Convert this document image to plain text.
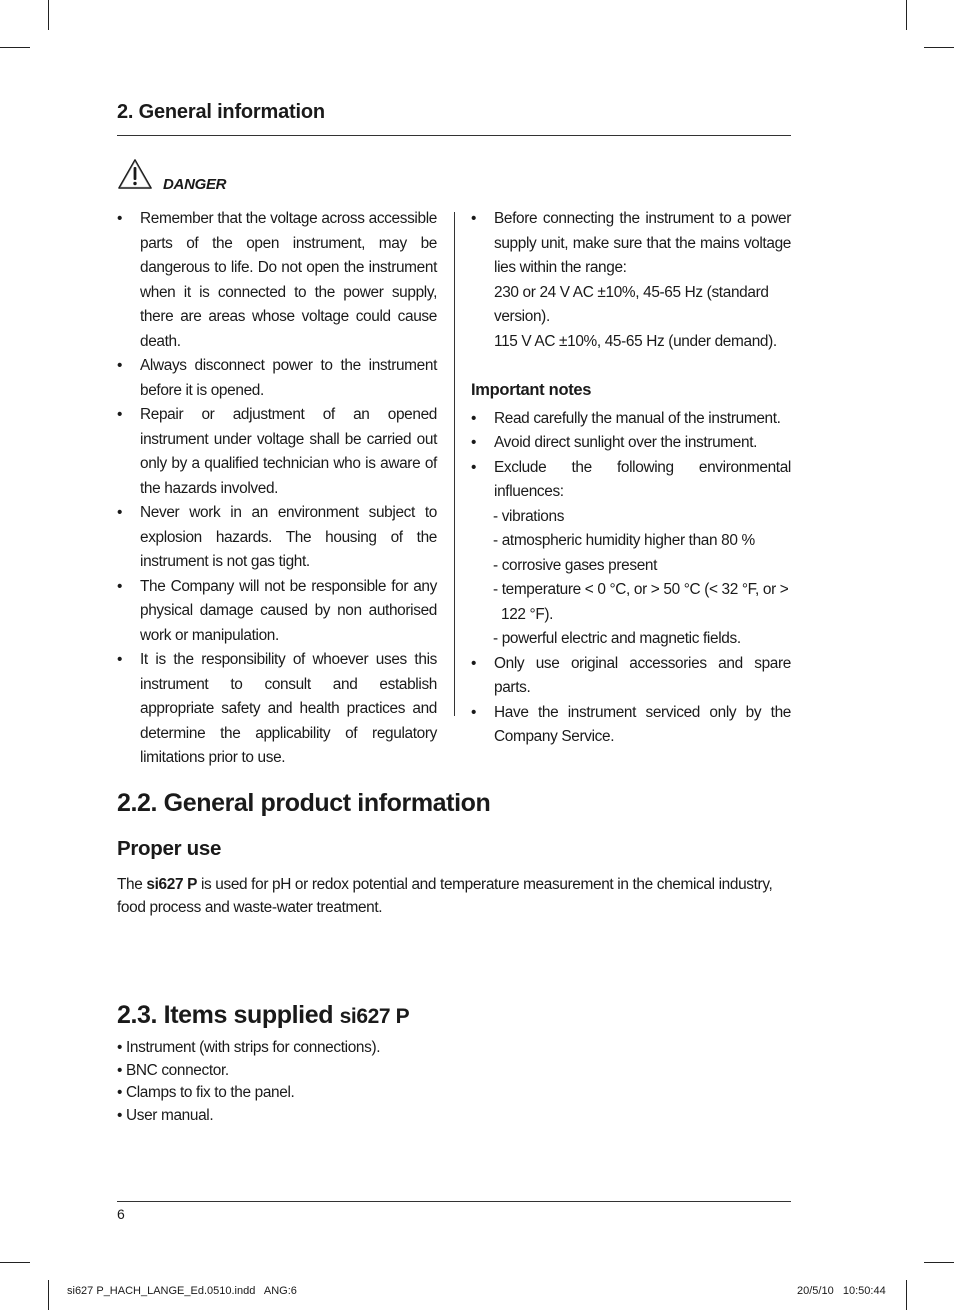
2. General information
DANGER
• Remember that the voltage across accessible parts of the open instrument, may be dangerous to life. Do not open the instrument when it is connected to the power supply, there are areas whose voltage could cause death.
• Always disconnect power to the instrument before it is opened.
• Repair or adjustment of an opened instrument under voltage shall be carried out only by a qualified technician who is aware of the hazards involved.
• Never work in an environment subject to explosion hazards. The housing of the instrument is not gas tight.
• The Company will not be responsible for any physical damage caused by non authorised work or manipulation.
• It is the responsibility of whoever uses this instrument to consult and establish appropriate safety and health practices and determine the applicability of regulatory limitations prior to use.
• Before connecting the instrument to a power supply unit, make sure that the mains voltage lies within the range:
230 or 24 V AC ±10%, 45-65 Hz (standard version).
115 V AC ±10%, 45-65 Hz (under demand).
Important notes
• Read carefully the manual of the instrument.
• Avoid direct sunlight over the instrument.
• Exclude the following environmental influences:
- vibrations
- atmospheric humidity higher than 80 %
- corrosive gases present
- temperature < 0 °C, or > 50 °C (< 32 °F, or > 122 °F).
- powerful electric and magnetic fields.
• Only use original accessories and spare parts.
• Have the instrument serviced only by the Company Service.
2.2. General product information
Proper use
The si627 P is used for pH or redox potential and temperature measurement in the chemical industry, food process and waste-water treatment.
2.3. Items supplied si627 P
• Instrument (with strips for connections).
• BNC connector.
• Clamps to fix to the panel.
• User manual.
6
si627 P_HACH_LANGE_Ed.0510.indd   ANG:6	20/5/10   10:50:44
